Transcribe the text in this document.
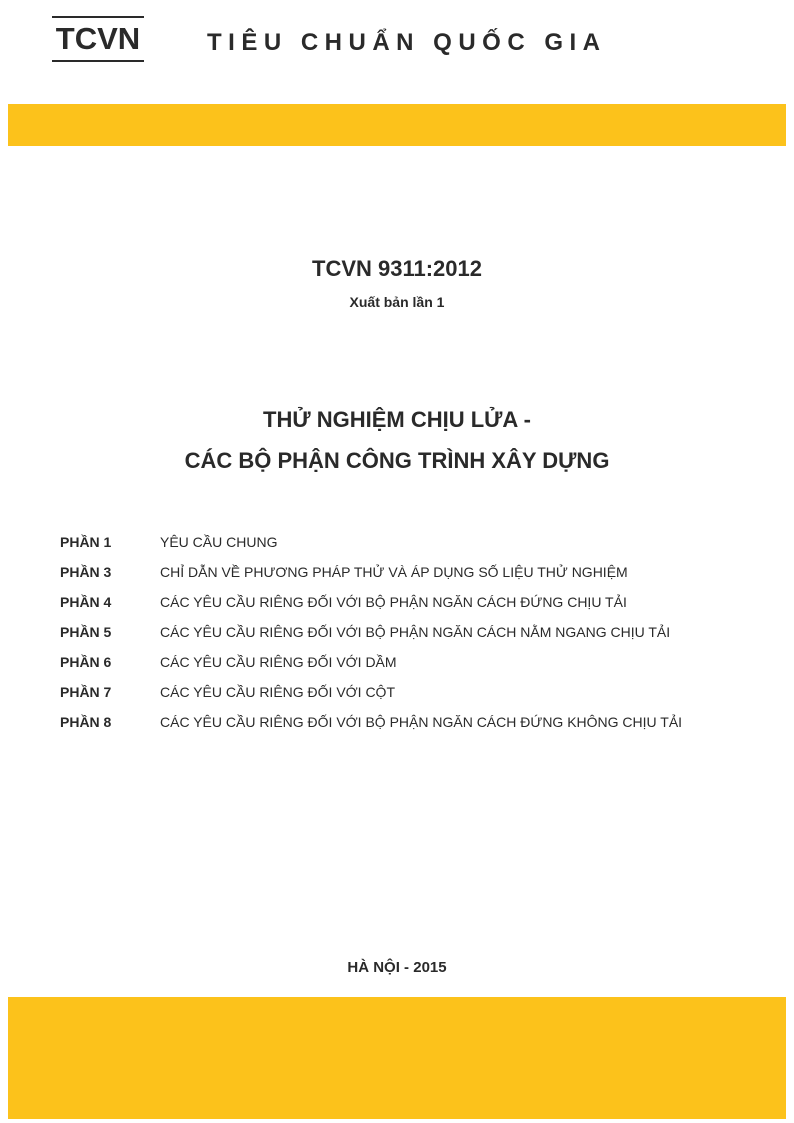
TCVN	TIÊU CHUẨN QUỐC GIA
TCVN 9311:2012
Xuất bản lần 1
THỬ NGHIỆM CHỊU LỬA -
CÁC BỘ PHẬN CÔNG TRÌNH XÂY DỰNG
PHẦN 1	YÊU CẦU CHUNG
PHẦN 3	CHỈ DẪN VỀ PHƯƠNG PHÁP THỬ VÀ ÁP DỤNG SỐ LIỆU THỬ NGHIỆM
PHẦN 4	CÁC YÊU CẦU RIÊNG ĐỐI VỚI BỘ PHẬN NGĂN CÁCH ĐỨNG CHỊU TẢI
PHẦN 5	CÁC YÊU CẦU RIÊNG ĐỐI VỚI BỘ PHẬN NGĂN CÁCH NẰM NGANG CHỊU TẢI
PHẦN 6	CÁC YÊU CẦU RIÊNG ĐỐI VỚI DẦM
PHẦN 7	CÁC YÊU CẦU RIÊNG ĐỐI VỚI CỘT
PHẦN 8	CÁC YÊU CẦU RIÊNG ĐỐI VỚI BỘ PHẬN NGĂN CÁCH ĐỨNG KHÔNG CHỊU TẢI
HÀ NỘI - 2015
